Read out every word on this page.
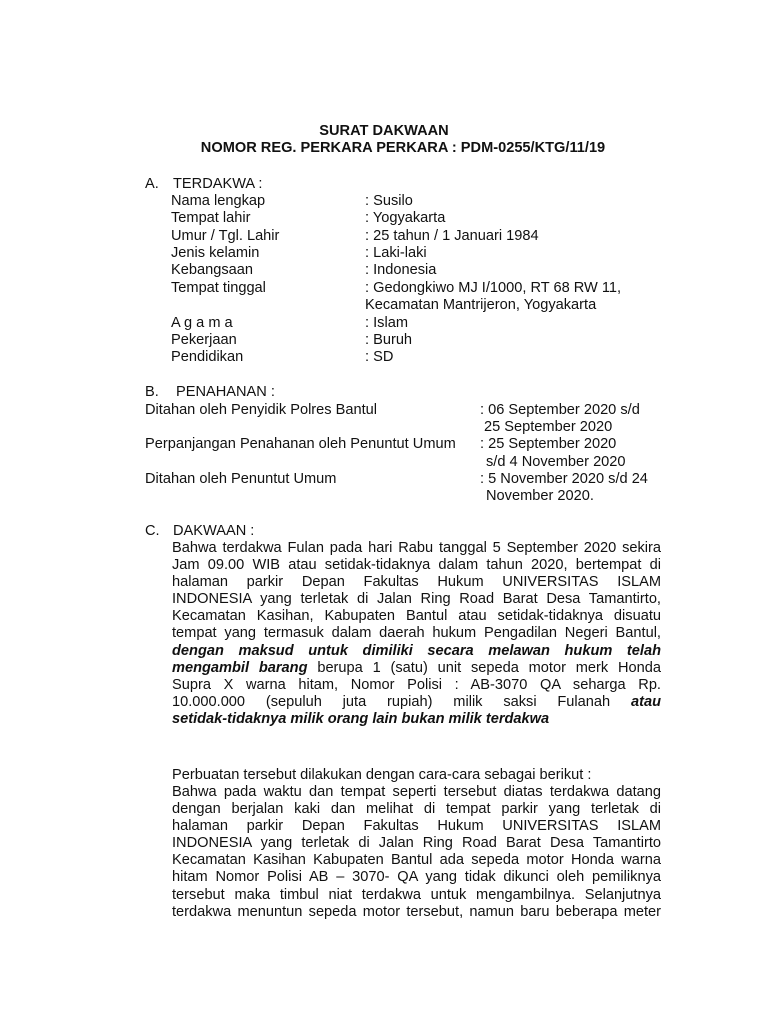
SURAT DAKWAAN
NOMOR REG. PERKARA PERKARA : PDM-0255/KTG/11/19
A. TERDAKWA :
Nama lengkap	: Susilo
Tempat lahir	: Yogyakarta
Umur / Tgl. Lahir	: 25 tahun / 1 Januari 1984
Jenis kelamin	: Laki-laki
Kebangsaan	: Indonesia
Tempat tinggal	: Gedongkiwo MJ I/1000, RT 68 RW 11,
Kecamatan Mantrijeron, Yogyakarta
A g a m a	: Islam
Pekerjaan	: Buruh
Pendidikan	: SD
B. PENAHANAN :
Ditahan oleh Penyidik Polres Bantul	: 06 September 2020 s/d
25 September 2020
Perpanjangan Penahanan oleh Penuntut Umum : 25 September 2020
s/d 4 November 2020
Ditahan oleh Penuntut Umum	: 5 November 2020 s/d 24
November 2020.
C. DAKWAAN :
Bahwa terdakwa Fulan pada hari Rabu tanggal 5 September 2020 sekira
Jam 09.00 WIB atau setidak-tidaknya dalam tahun 2020, bertempat di
halaman parkir Depan Fakultas Hukum UNIVERSITAS ISLAM
INDONESIA yang terletak di Jalan Ring Road Barat Desa Tamantirto,
Kecamatan Kasihan, Kabupaten Bantul atau setidak-tidaknya disuatu
tempat yang termasuk dalam daerah hukum Pengadilan Negeri Bantul,
dengan maksud untuk dimiliki secara melawan hukum telah
mengambil barang berupa 1 (satu) unit sepeda motor merk Honda
Supra X warna hitam, Nomor Polisi : AB-3070 QA seharga Rp.
10.000.000 (sepuluh juta rupiah) milik saksi Fulanah atau
setidak-tidaknya milik orang lain bukan milik terdakwa
Perbuatan tersebut dilakukan dengan cara-cara sebagai berikut :
Bahwa pada waktu dan tempat seperti tersebut diatas terdakwa datang
dengan berjalan kaki dan melihat di tempat parkir yang terletak di
halaman parkir Depan Fakultas Hukum UNIVERSITAS ISLAM
INDONESIA yang terletak di Jalan Ring Road Barat Desa Tamantirto
Kecamatan Kasihan Kabupaten Bantul ada sepeda motor Honda warna
hitam Nomor Polisi AB – 3070- QA yang tidak dikunci oleh pemiliknya
tersebut maka timbul niat terdakwa untuk mengambilnya. Selanjutnya
terdakwa menuntun sepeda motor tersebut, namun baru beberapa meter
